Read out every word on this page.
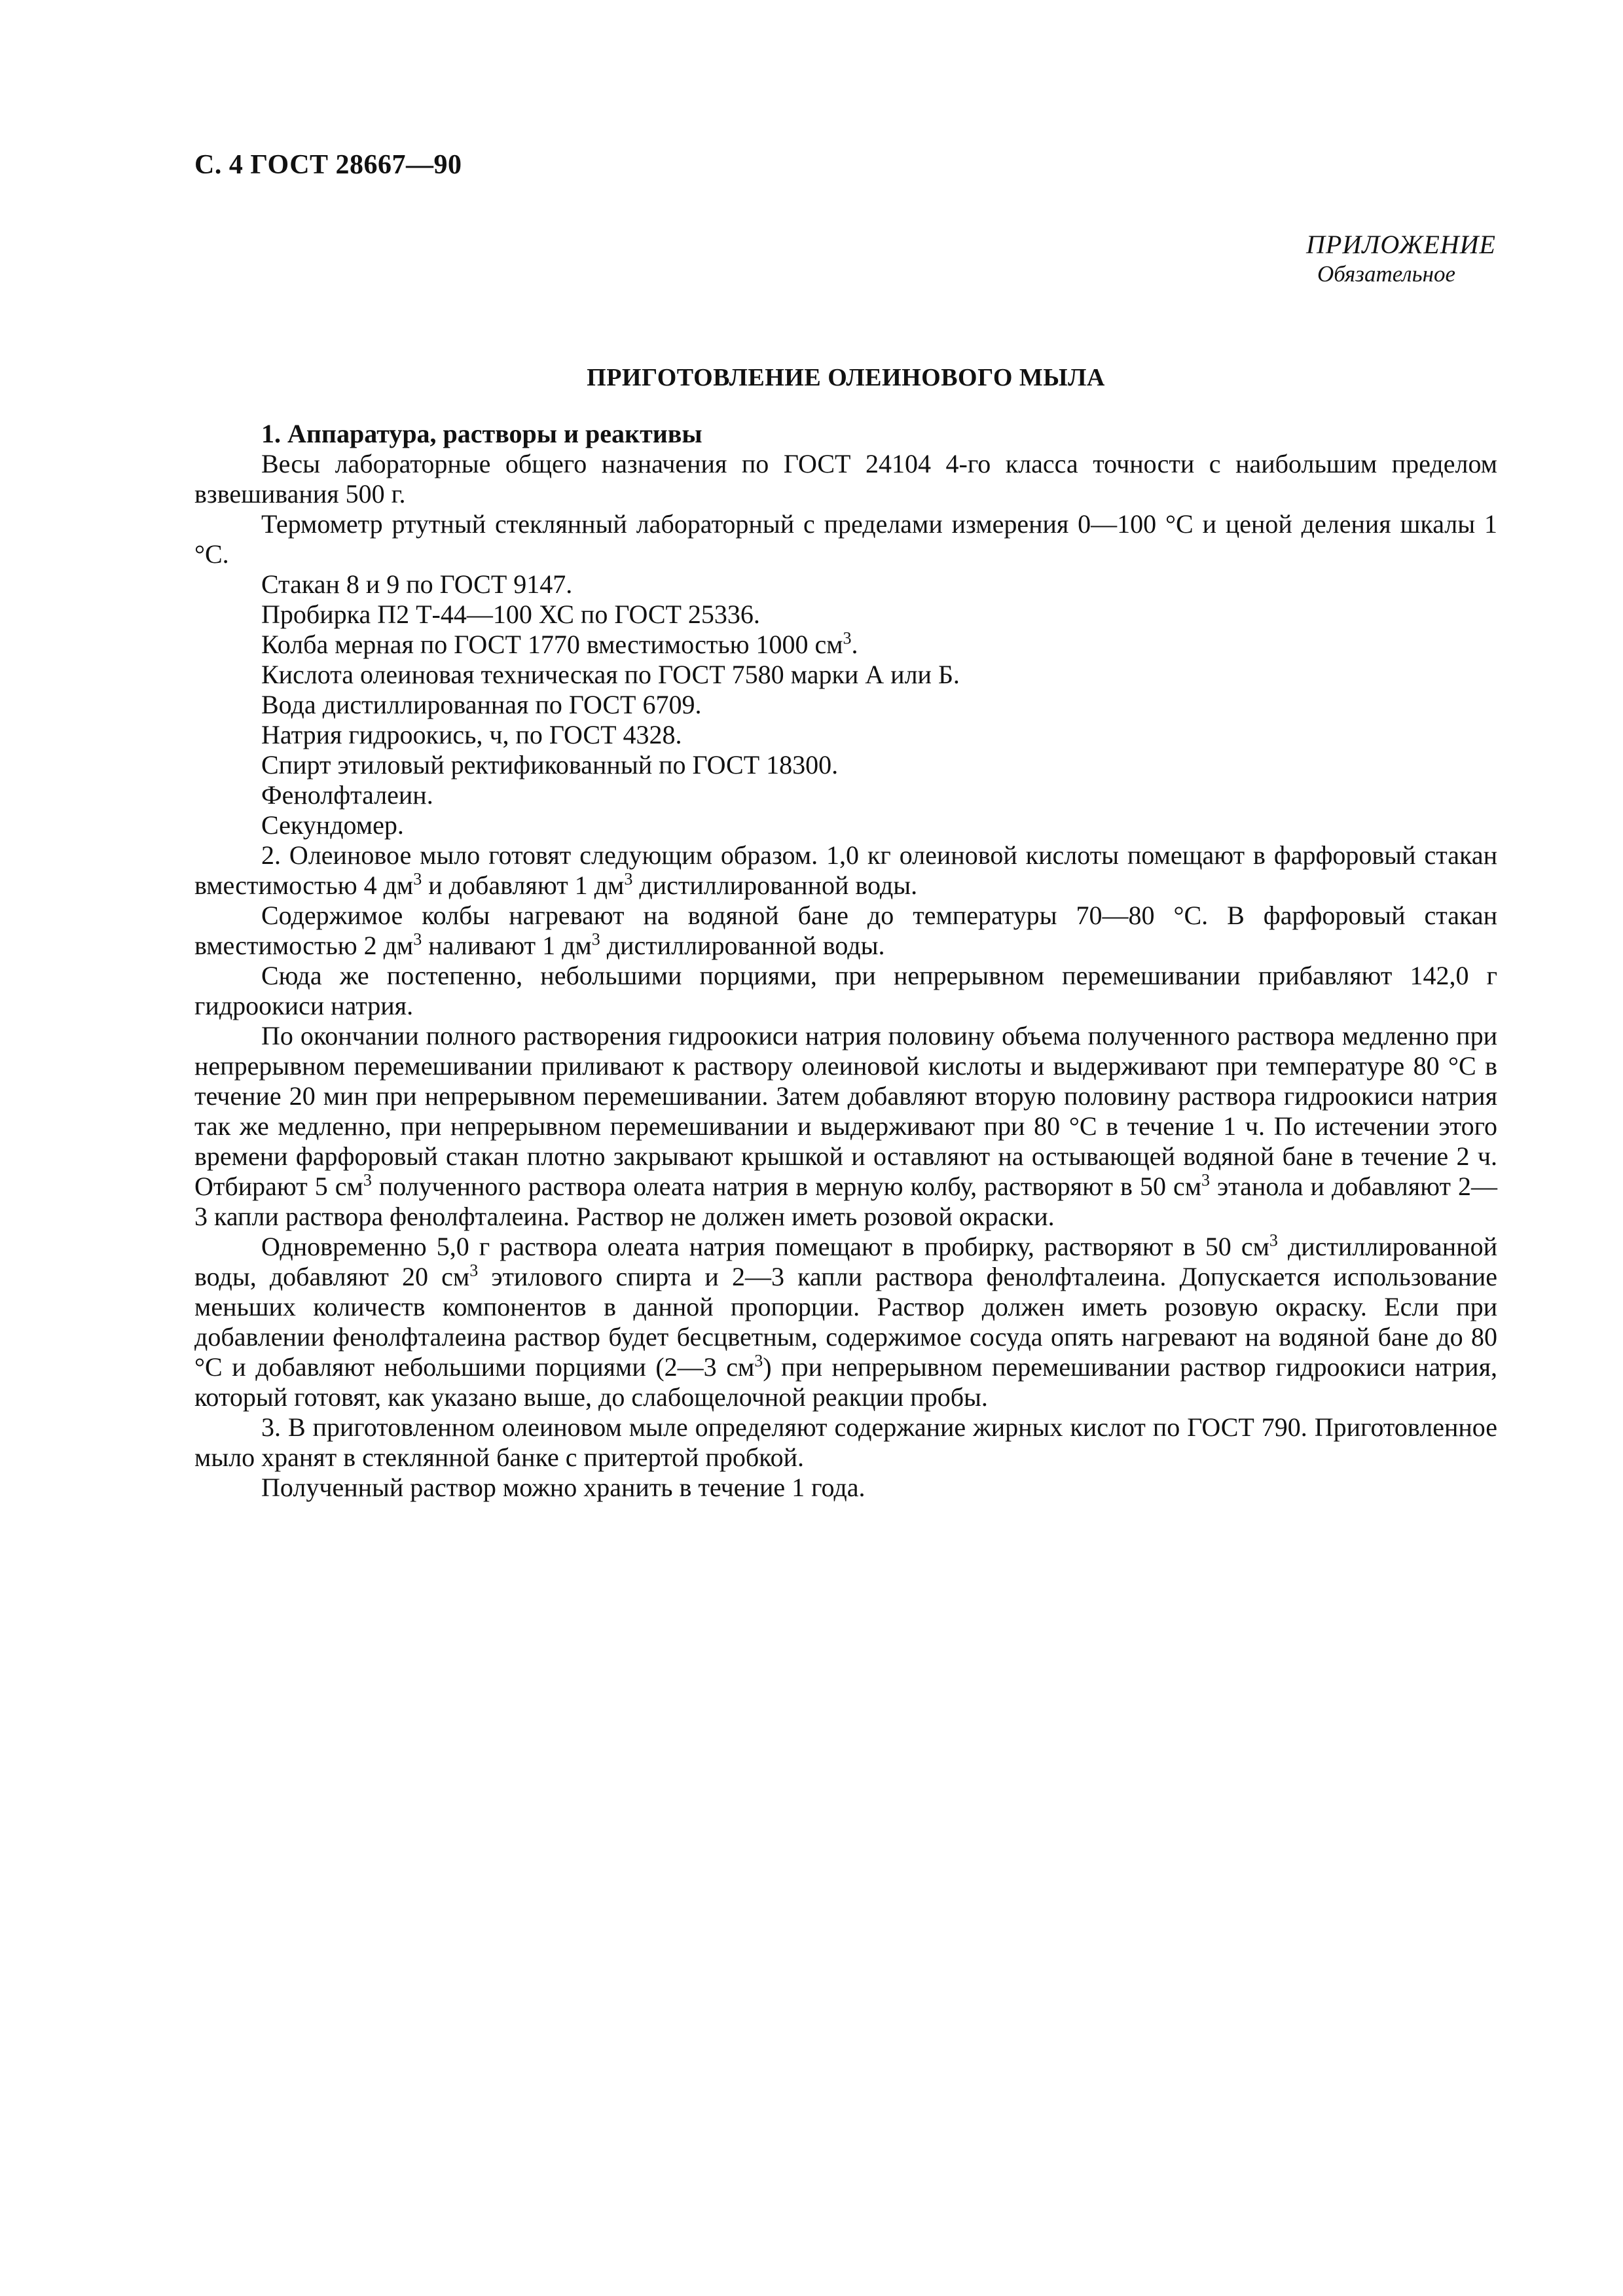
С. 4 ГОСТ 28667—90
ПРИЛОЖЕНИЕ
Обязательное
ПРИГОТОВЛЕНИЕ ОЛЕИНОВОГО МЫЛА

1. Аппаратура, растворы и реактивы

Весы лабораторные общего назначения по ГОСТ 24104 4-го класса точности с наибольшим пределом взвешивания 500 г.

Термометр ртутный стеклянный лабораторный с пределами измерения 0—100 °С и ценой деления шкалы 1 °С.

Стакан 8 и 9 по ГОСТ 9147.

Пробирка П2 Т-44—100 ХС по ГОСТ 25336.

Колба мерная по ГОСТ 1770 вместимостью 1000 $см^3$.

Кислота олеиновая техническая по ГОСТ 7580 марки А или Б.

Вода дистиллированная по ГОСТ 6709.

Натрия гидроокись, ч, по ГОСТ 4328.

Спирт этиловый ректификованный по ГОСТ 18300.

Фенолфталеин.

Секундомер.

2. Олеиновое мыло готовят следующим образом. 1,0 кг олеиновой кислоты помещают в фарфоровый стакан вместимостью 4 $дм^3$ и добавляют 1 $дм^3$ дистиллированной воды.

Содержимое колбы нагревают на водяной бане до температуры 70—80 °С. В фарфоровый стакан вместимостью 2 $дм^3$ наливают 1 $дм^3$ дистиллированной воды.

Сюда же постепенно, небольшими порциями, при непрерывном перемешивании прибавляют 142,0 г гидроокиси натрия.

По окончании полного растворения гидроокиси натрия половину объема полученного раствора медленно при непрерывном перемешивании приливают к раствору олеиновой кислоты и выдерживают при температуре 80 °С в течение 20 мин при непрерывном перемешивании. Затем добавляют вторую половину раствора гидроокиси натрия так же медленно, при непрерывном перемешивании и выдерживают при 80 °С в течение 1 ч. По истечении этого времени фарфоровый стакан плотно закрывают крышкой и оставляют на остывающей водяной бане в течение 2 ч. Отбирают 5 $см^3$ полученного раствора олеата натрия в мерную колбу, растворяют в 50 $см^3$ этанола и добавляют 2—3 капли раствора фенолфталеина. Раствор не должен иметь розовой окраски.

Одновременно 5,0 г раствора олеата натрия помещают в пробирку, растворяют в 50 $см^3$ дистиллированной воды, добавляют 20 $см^3$ этилового спирта и 2—3 капли раствора фенолфталеина. Допускается использование меньших количеств компонентов в данной пропорции. Раствор должен иметь розовую окраску. Если при добавлении фенолфталеина раствор будет бесцветным, содержимое сосуда опять нагревают на водяной бане до 80 °С и добавляют небольшими порциями (2—3 $см^3$) при непрерывном перемешивании раствор гидроокиси натрия, который готовят, как указано выше, до слабощелочной реакции пробы.

3. В приготовленном олеиновом мыле определяют содержание жирных кислот по ГОСТ 790. Приготовленное мыло хранят в стеклянной банке с притертой пробкой.

Полученный раствор можно хранить в течение 1 года.
